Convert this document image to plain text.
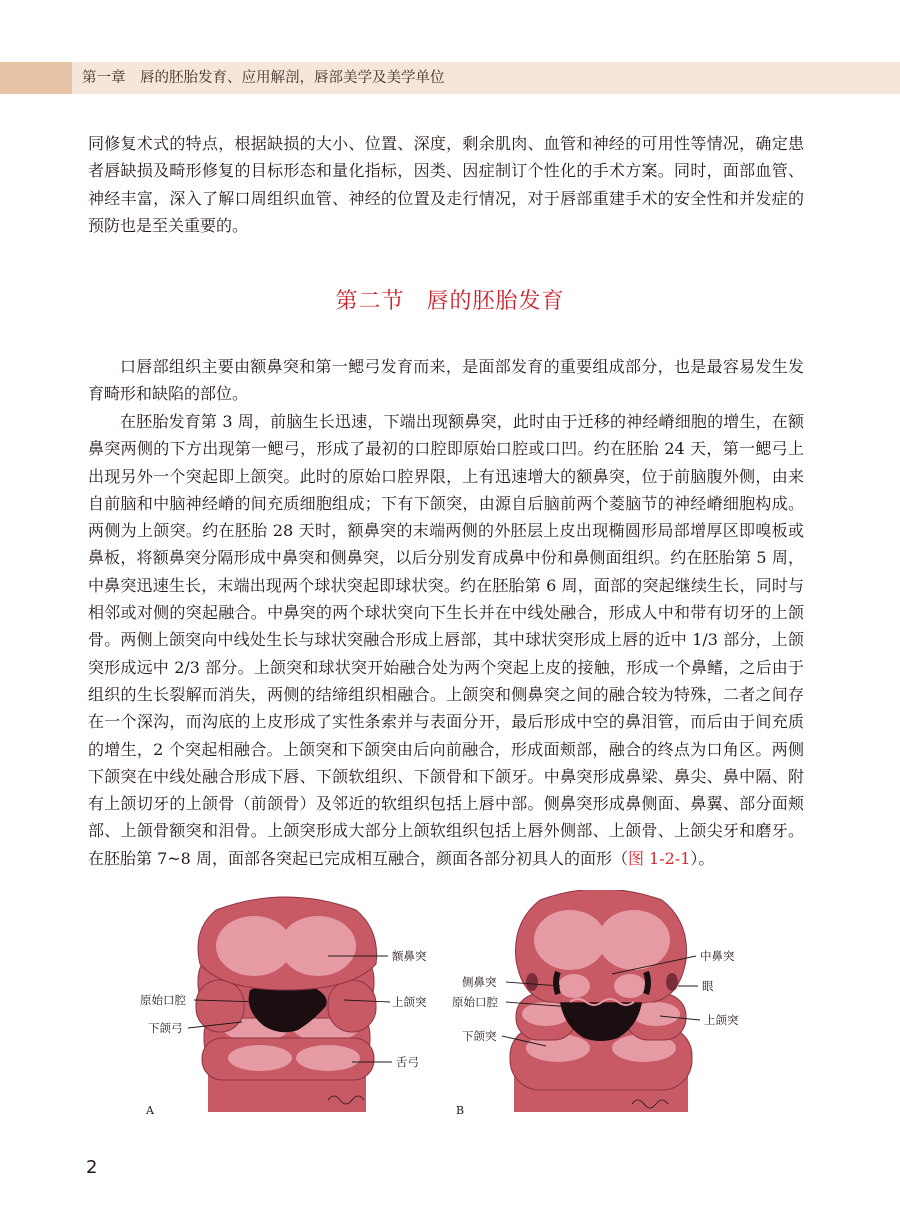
第一章　唇的胚胎发育、应用解剖，唇部美学及美学单位

同修复术式的特点，根据缺损的大小、位置、深度，剩余肌肉、血管和神经的可用性等情况，确定患者唇缺损及畸形修复的目标形态和量化指标，因类、因症制订个性化的手术方案。同时，面部血管、神经丰富，深入了解口周组织血管、神经的位置及走行情况，对于唇部重建手术的安全性和并发症的预防也是至关重要的。

第二节 唇的胚胎发育

口唇部组织主要由额鼻突和第一鳃弓发育而来，是面部发育的重要组成部分，也是最容易发生发育畸形和缺陷的部位。

在胚胎发育第 3 周，前脑生长迅速，下端出现额鼻突，此时由于迁移的神经嵴细胞的增生，在额鼻突两侧的下方出现第一鳃弓，形成了最初的口腔即原始口腔或口凹。约在胚胎 24 天，第一鳃弓上出现另外一个突起即上颌突。此时的原始口腔界限，上有迅速增大的额鼻突，位于前脑腹外侧，由来自前脑和中脑神经嵴的间充质细胞组成；下有下颌突，由源自后脑前两个菱脑节的神经嵴细胞构成。两侧为上颌突。约在胚胎 28 天时，额鼻突的末端两侧的外胚层上皮出现椭圆形局部增厚区即嗅板或鼻板，将额鼻突分隔形成中鼻突和侧鼻突，以后分别发育成鼻中份和鼻侧面组织。约在胚胎第 5 周，中鼻突迅速生长，末端出现两个球状突起即球状突。约在胚胎第 6 周，面部的突起继续生长，同时与相邻或对侧的突起融合。中鼻突的两个球状突向下生长并在中线处融合，形成人中和带有切牙的上颌骨。两侧上颌突向中线处生长与球状突融合形成上唇部，其中球状突形成上唇的近中 1/3 部分，上颌突形成远中 2/3 部分。上颌突和球状突开始融合处为两个突起上皮的接触，形成一个鼻鳍，之后由于组织的生长裂解而消失，两侧的结缔组织相融合。上颌突和侧鼻突之间的融合较为特殊，二者之间存在一个深沟，而沟底的上皮形成了实性条索并与表面分开，最后形成中空的鼻泪管，而后由于间充质的增生，2 个突起相融合。上颌突和下颌突由后向前融合，形成面颊部，融合的终点为口角区。两侧下颌突在中线处融合形成下唇、下颌软组织、下颌骨和下颌牙。中鼻突形成鼻梁、鼻尖、鼻中隔、附有上颌切牙的上颌骨（前颌骨）及邻近的软组织包括上唇中部。侧鼻突形成鼻侧面、鼻翼、部分面颊部、上颌骨额突和泪骨。上颌突形成大部分上颌软组织包括上唇外侧部、上颌骨、上颌尖牙和磨牙。在胚胎第 7~8 周，面部各突起已完成相互融合，颜面各部分初具人的面形（图 1-2-1）。

额鼻突
原始口腔	上颌突
下颌弓
舌弓
A
中鼻突
侧鼻突	眼
原始口腔
上颌突
下颌突
B
2
